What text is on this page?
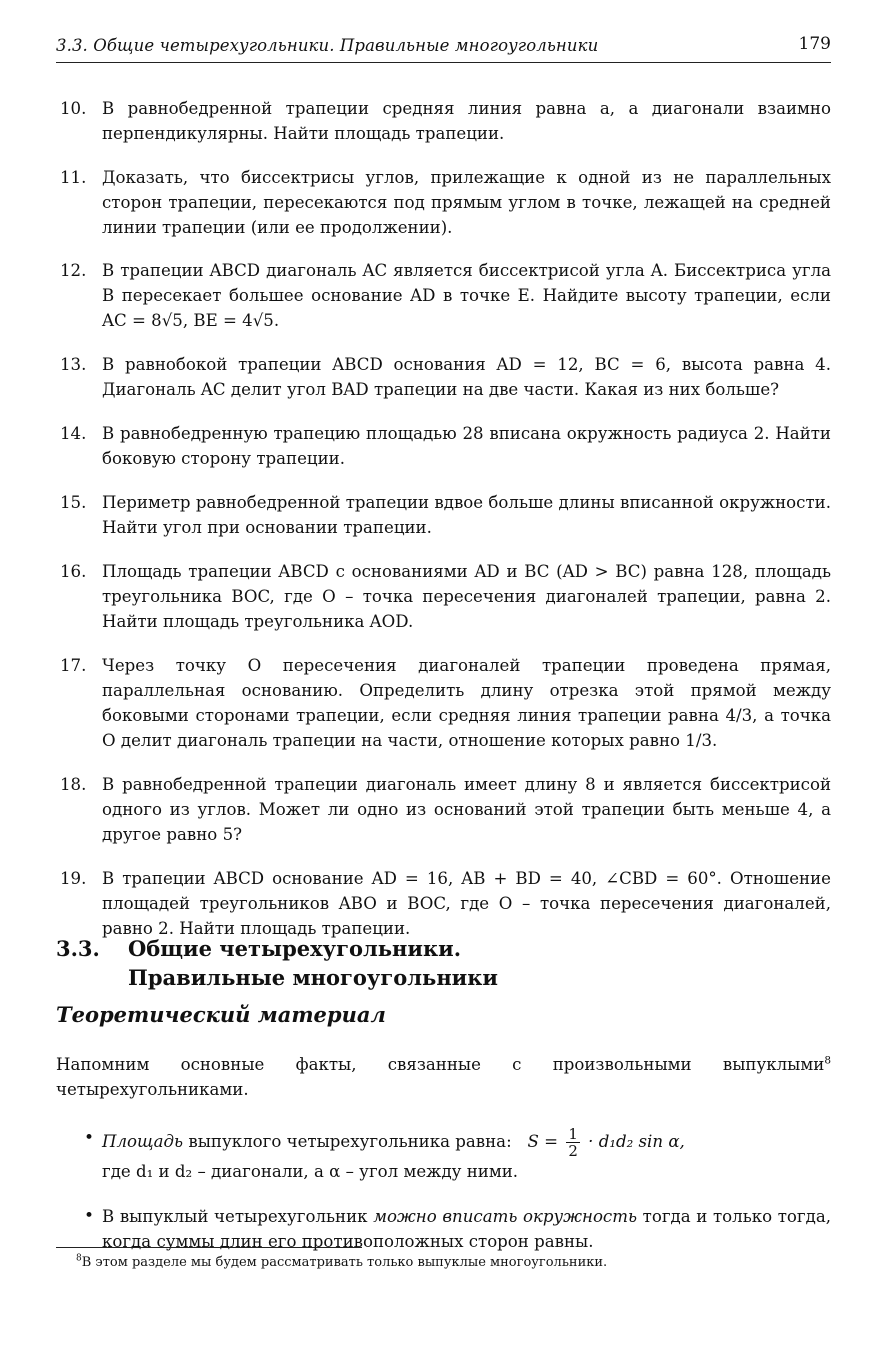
3.3. Общие четырехугольники. Правильные многоугольники	179
10. В равнобедренной трапеции средняя линия равна a, а диагонали взаимно перпендикулярны. Найти площадь трапеции.
11. Доказать, что биссектрисы углов, прилежащие к одной из не параллельных сторон трапеции, пересекаются под прямым углом в точке, лежащей на средней линии трапеции (или ее продолжении).
12. В трапеции ABCD диагональ AC является биссектрисой угла A. Биссектриса угла B пересекает большее основание AD в точке E. Найдите высоту трапеции, если AC = 8√5, BE = 4√5.
13. В равнобокой трапеции ABCD основания AD = 12, BC = 6, высота равна 4. Диагональ AC делит угол BAD трапеции на две части. Какая из них больше?
14. В равнобедренную трапецию площадью 28 вписана окружность радиуса 2. Найти боковую сторону трапеции.
15. Периметр равнобедренной трапеции вдвое больше длины вписанной окружности. Найти угол при основании трапеции.
16. Площадь трапеции ABCD с основаниями AD и BC (AD > BC) равна 128, площадь треугольника BOC, где O – точка пересечения диагоналей трапеции, равна 2. Найти площадь треугольника AOD.
17. Через точку O пересечения диагоналей трапеции проведена прямая, параллельная основанию. Определить длину отрезка этой прямой между боковыми сторонами трапеции, если средняя линия трапеции равна 4/3, а точка O делит диагональ трапеции на части, отношение которых равно 1/3.
18. В равнобедренной трапеции диагональ имеет длину 8 и является биссектрисой одного из углов. Может ли одно из оснований этой трапеции быть меньше 4, а другое равно 5?
19. В трапеции ABCD основание AD = 16, AB + BD = 40, ∠CBD = 60°. Отношение площадей треугольников ABO и BOC, где O – точка пересечения диагоналей, равно 2. Найти площадь трапеции.
3.3. Общие четырехугольники.
Правильные многоугольники
Теоретический материал
Напомним основные факты, связанные с произвольными выпуклыми$^8$ четырехугольниками.
• Площадь выпуклого четырехугольника равна: $S = \frac{1}{2} \cdot d_1d_2$ sin α,
где d₁ и d₂ – диагонали, а α – угол между ними.
• В выпуклый четырехугольник можно вписать окружность тогда и только тогда, когда суммы длин его противоположных сторон равны.
$^8$В этом разделе мы будем рассматривать только выпуклые многоугольники.
